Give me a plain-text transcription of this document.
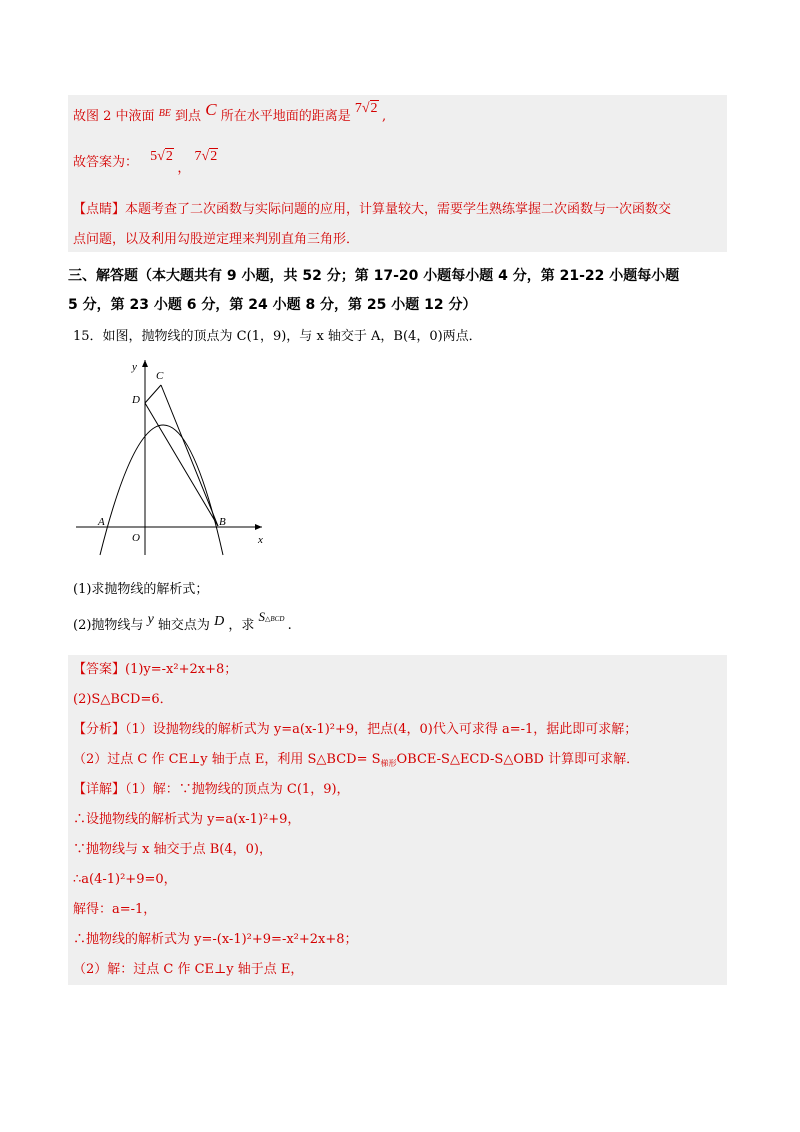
故图 2 中液面 $^{BE}$ 到点 C 所在水平地面的距离是 7√2 ,
故答案为： 5√2 ， 7√2
【点睛】本题考查了二次函数与实际问题的应用，计算量较大，需要学生熟练掌握二次函数与一次函数交
点问题，以及利用勾股逆定理来判别直角三角形．
三、解答题（本大题共有 9 小题，共 52 分；第 17-20 小题每小题 4 分，第 21-22 小题每小题
5 分，第 23 小题 6 分，第 24 小题 8 分，第 25 小题 12 分）
15．如图，抛物线的顶点为 C(1，9)，与 x 轴交于 A，B(4，0)两点．
y
x
C
D
A	B
O
(1)求抛物线的解析式；
(2)抛物线与 y 轴交点为 D ，求 S△BCD .
【答案】(1)y=-x²+2x+8；
(2)S△BCD=6．
【分析】（1）设抛物线的解析式为 y=a(x-1)²+9，把点(4，0)代入可求得 a=-1，据此即可求解；
（2）过点 C 作 CE⊥y 轴于点 E，利用 S△BCD= $S_{梯形}OBCE-S\triangle ECD-S\triangle OBD$ 计算即可求解．
【详解】（1）解：∵抛物线的顶点为 C(1，9)，
∴设抛物线的解析式为 y=a(x-1)²+9，
∵抛物线与 x 轴交于点 B(4，0)，
∴a(4-1)²+9=0，
解得：a=-1，
∴抛物线的解析式为 y=-(x-1)²+9=-x²+2x+8；
（2）解：过点 C 作 CE⊥y 轴于点 E，
